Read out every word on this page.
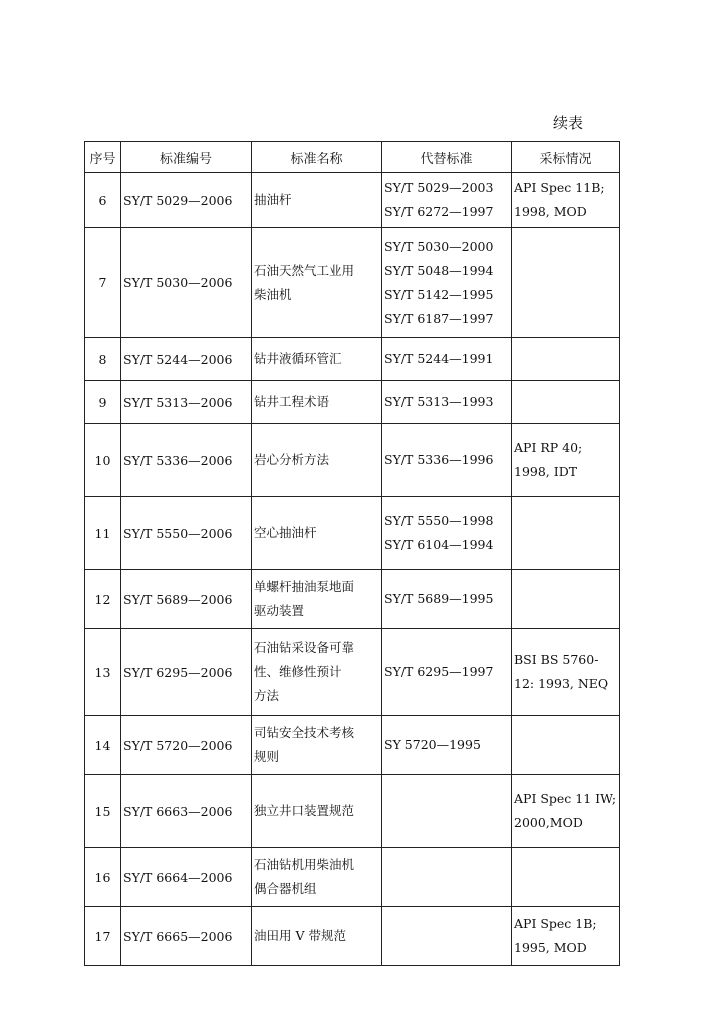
续表
序号	标准编号	标准名称	代替标准	采标情况

6	SY/T 5029—2006	抽油杆	SY/T 5029—2003
SY/T 6272—1997	API Spec 11B;
1998, MOD

7	SY/T 5030—2006	石油天然气工业用
柴油机	SY/T 5030—2000
SY/T 5048—1994
SY/T 5142—1995
SY/T 6187—1997	

8	SY/T 5244—2006	钻井液循环管汇	SY/T 5244—1991	

9	SY/T 5313—2006	钻井工程术语	SY/T 5313—1993	

10	SY/T 5336—2006	岩心分析方法	SY/T 5336—1996	API RP 40;
1998, IDT

11	SY/T 5550—2006	空心抽油杆	SY/T 5550—1998
SY/T 6104—1994	

12	SY/T 5689—2006	单螺杆抽油泵地面
驱动装置	SY/T 5689—1995	

13	SY/T 6295—2006	石油钻采设备可靠
性、维修性预计
方法	SY/T 6295—1997	BSI BS 5760-
12: 1993, NEQ

14	SY/T 5720—2006	司钻安全技术考核
规则	SY 5720—1995	

15	SY/T 6663—2006	独立井口装置规范		API Spec 11 IW;
2000,MOD

16	SY/T 6664—2006	石油钻机用柴油机
偶合器机组		

17	SY/T 6665—2006	油田用 V 带规范		API Spec 1B;
1995, MOD
